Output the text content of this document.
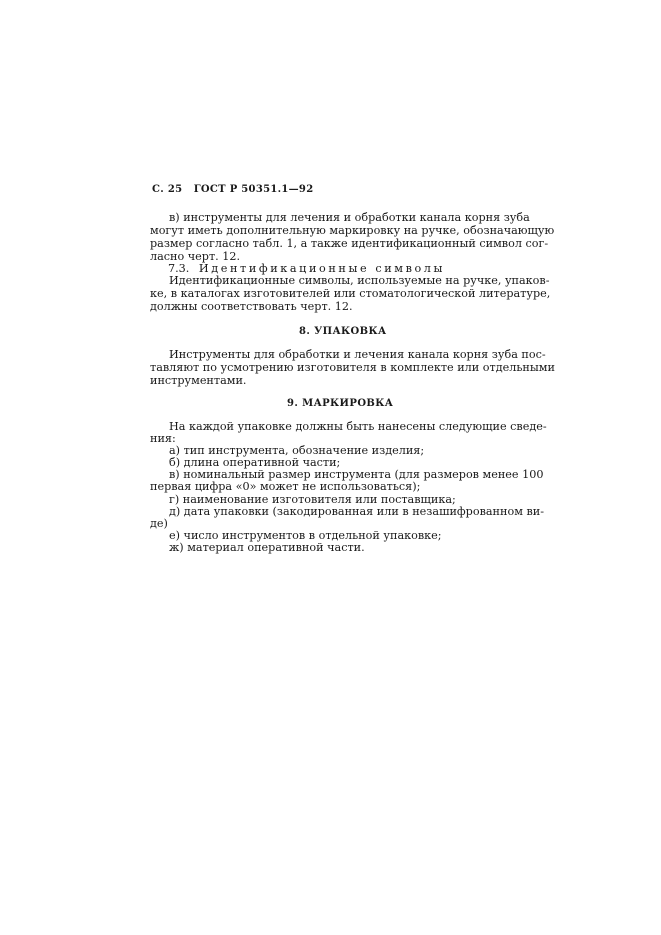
С. 25 ГОСТ Р 50351.1—92
в) инструменты для лечения и обработки канала корня зуба
могут иметь дополнительную маркировку на ручке, обозначающую
размер согласно табл. 1, а также идентификационный символ сог-
ласно черт. 12.
7.3. Идентификационные символы
Идентификационные символы, используемые на ручке, упаков-
ке, в каталогах изготовителей или стоматологической литературе,
должны соответствовать черт. 12.
8. УПАКОВКА
Инструменты для обработки и лечения канала корня зуба пос-
тавляют по усмотрению изготовителя в комплекте или отдельными
инструментами.
9. МАРКИРОВКА
На каждой упаковке должны быть нанесены следующие сведе-
ния:
а) тип инструмента, обозначение изделия;
б) длина оперативной части;
в) номинальный размер инструмента (для размеров менее 100
первая цифра «0» может не использоваться);
г) наименование изготовителя или поставщика;
д) дата упаковки (закодированная или в незашифрованном ви-
де)
е) число инструментов в отдельной упаковке;
ж) материал оперативной части.
